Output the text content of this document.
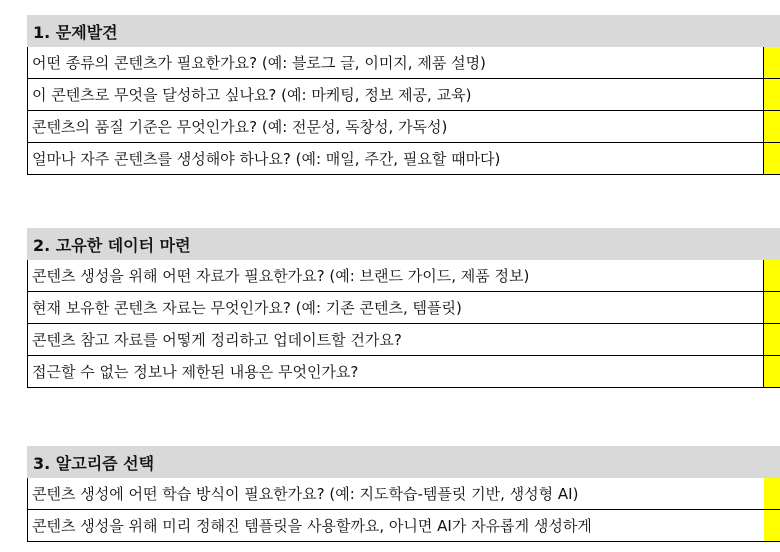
1. 문제발견
어떤 종류의 콘텐츠가 필요한가요? (예: 블로그 글, 이미지, 제품 설명)
이 콘텐츠로 무엇을 달성하고 싶나요? (예: 마케팅, 정보 제공, 교육)
콘텐츠의 품질 기준은 무엇인가요? (예: 전문성, 독창성, 가독성)
얼마나 자주 콘텐츠를 생성해야 하나요? (예: 매일, 주간, 필요할 때마다)
2. 고유한 데이터 마련
콘텐츠 생성을 위해 어떤 자료가 필요한가요? (예: 브랜드 가이드, 제품 정보)
현재 보유한 콘텐츠 자료는 무엇인가요? (예: 기존 콘텐츠, 템플릿)
콘텐츠 참고 자료를 어떻게 정리하고 업데이트할 건가요?
접근할 수 없는 정보나 제한된 내용은 무엇인가요?
3. 알고리즘 선택
콘텐츠 생성에 어떤 학습 방식이 필요한가요? (예: 지도학습-템플릿 기반, 생성형 AI)
콘텐츠 생성을 위해 미리 정해진 템플릿을 사용할까요, 아니면 AI가 자유롭게 생성하게
